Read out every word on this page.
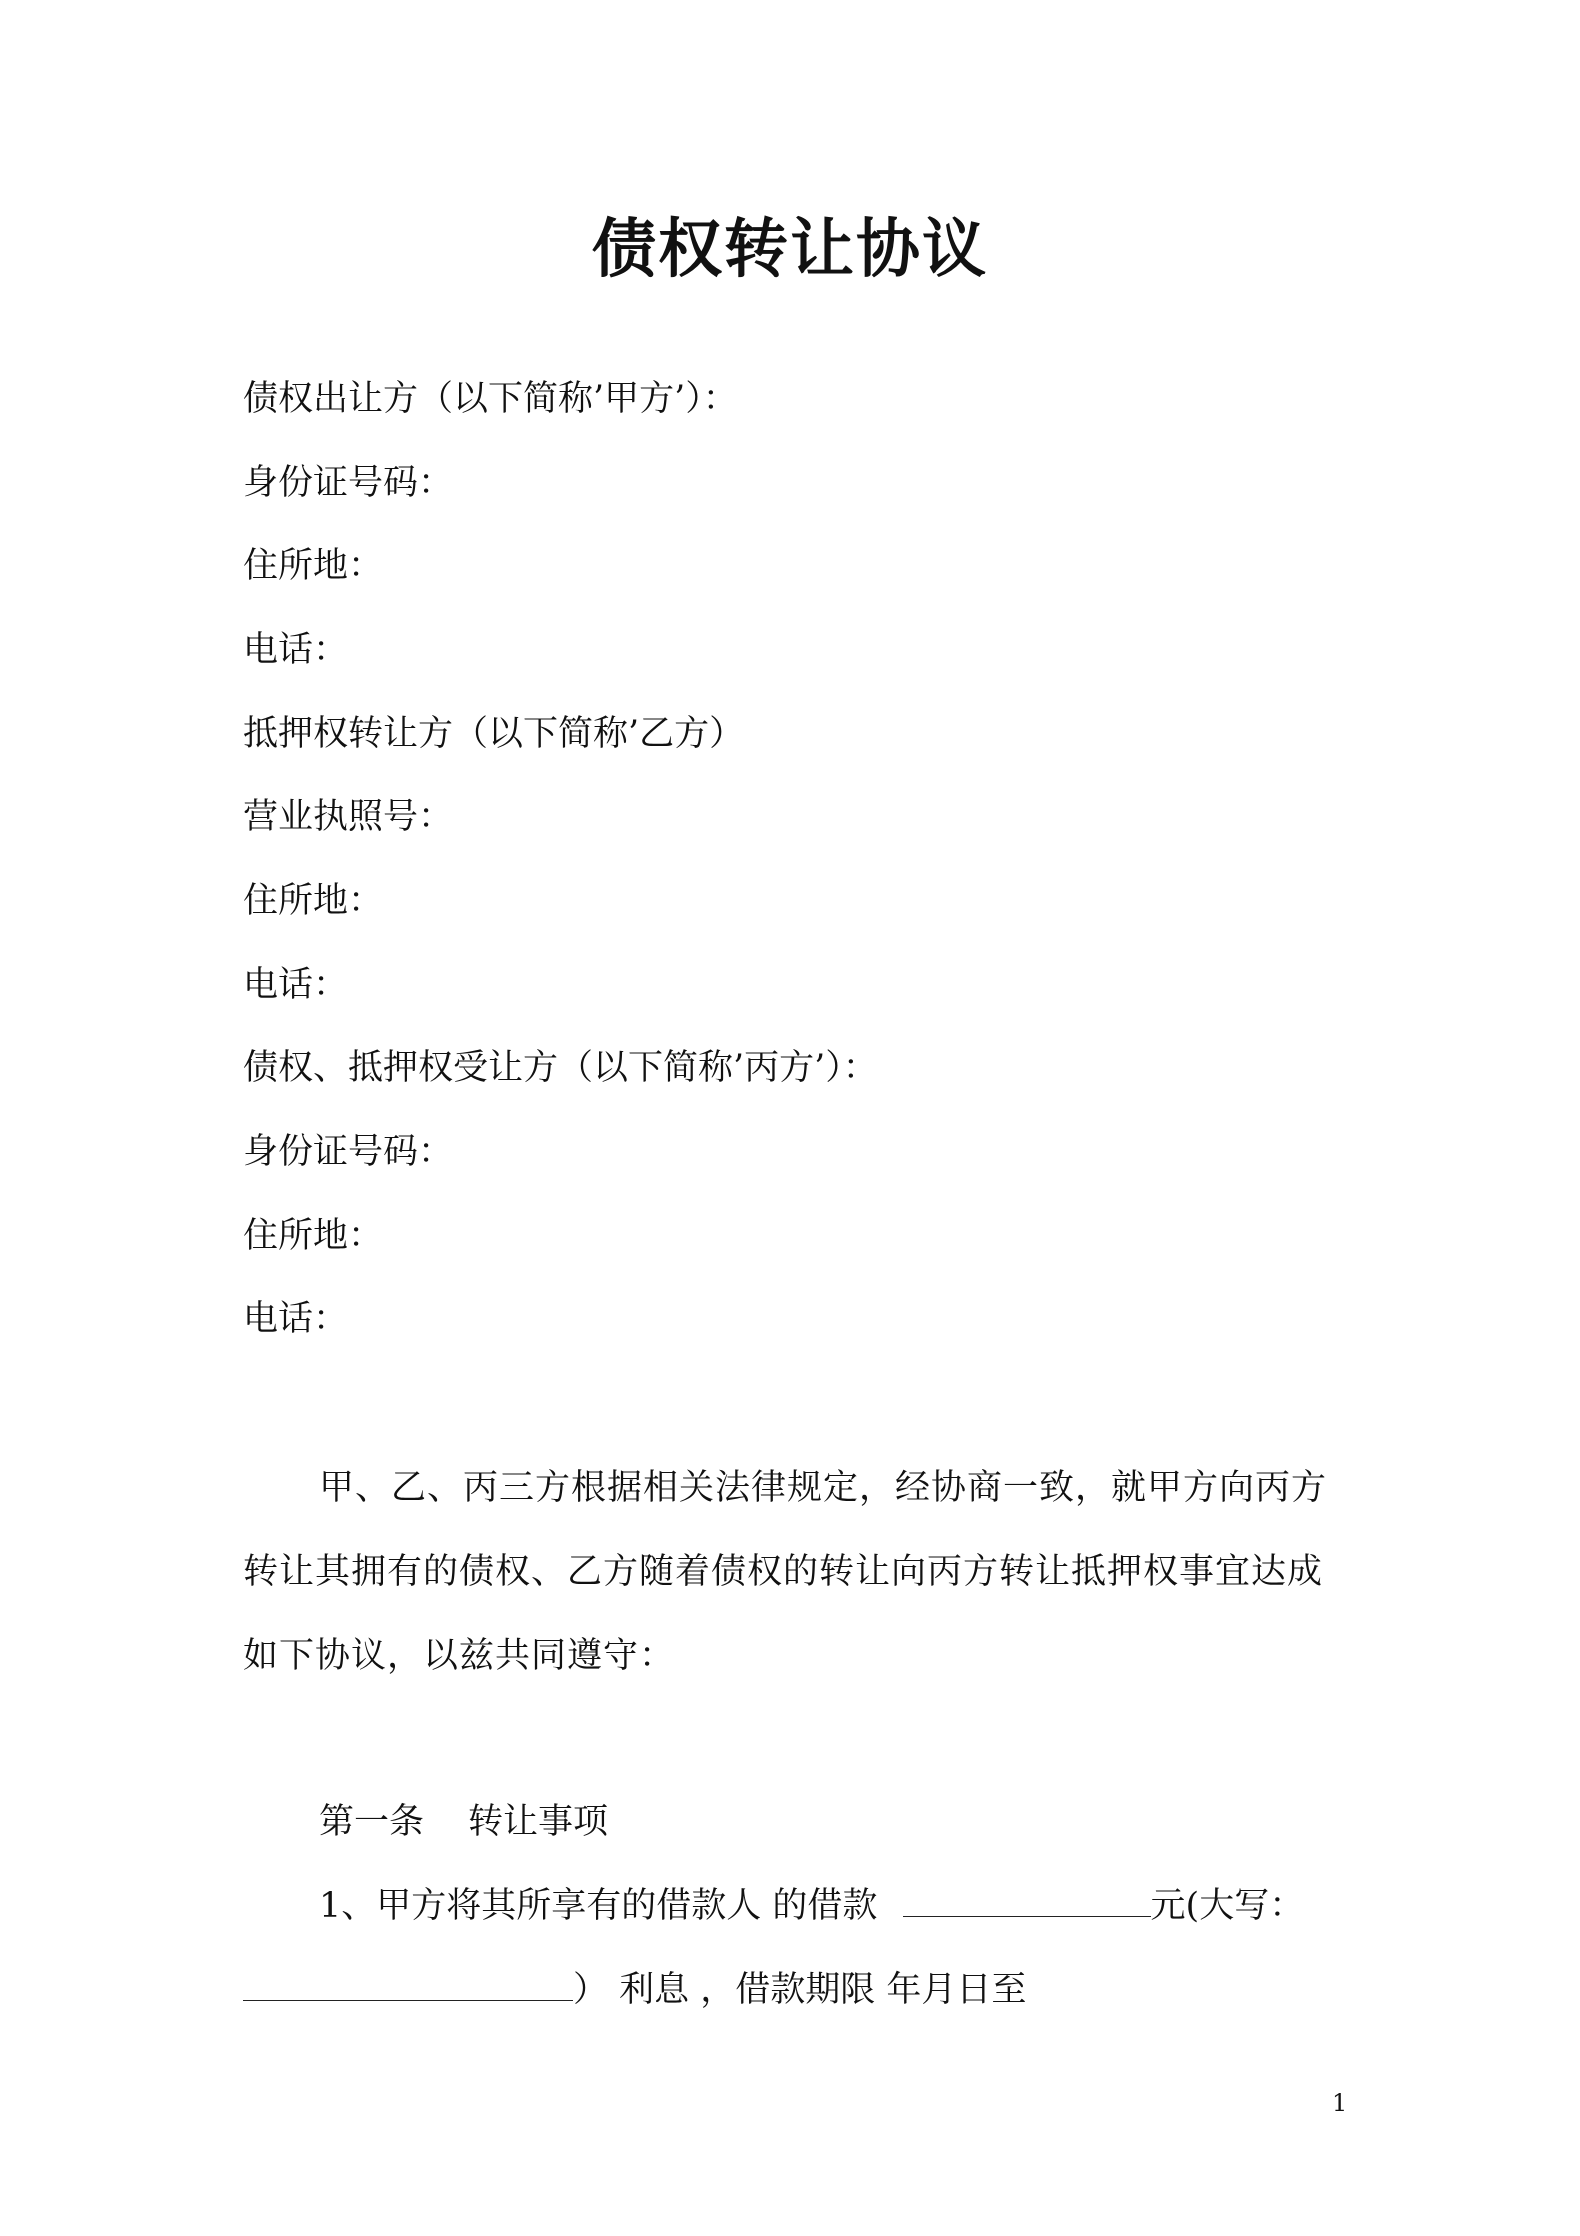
债权转让协议
债权出让方（以下简称’甲方’）：
身份证号码：
住所地：
电话：
抵押权转让方（以下简称’乙方）
营业执照号：
住所地：
电话：
债权、抵押权受让方（以下简称’丙方’）：
身份证号码：
住所地：
电话：
甲、乙、丙三方根据相关法律规定，经协商一致，就甲方向丙方转让其拥有的债权、乙方随着债权的转让向丙方转让抵押权事宜达成如下协议，以兹共同遵守：
第一条 转让事项
1、甲方将其所享有的借款人 的借款	元(大写：
） 利息 ，借款期限 年月日至
1
